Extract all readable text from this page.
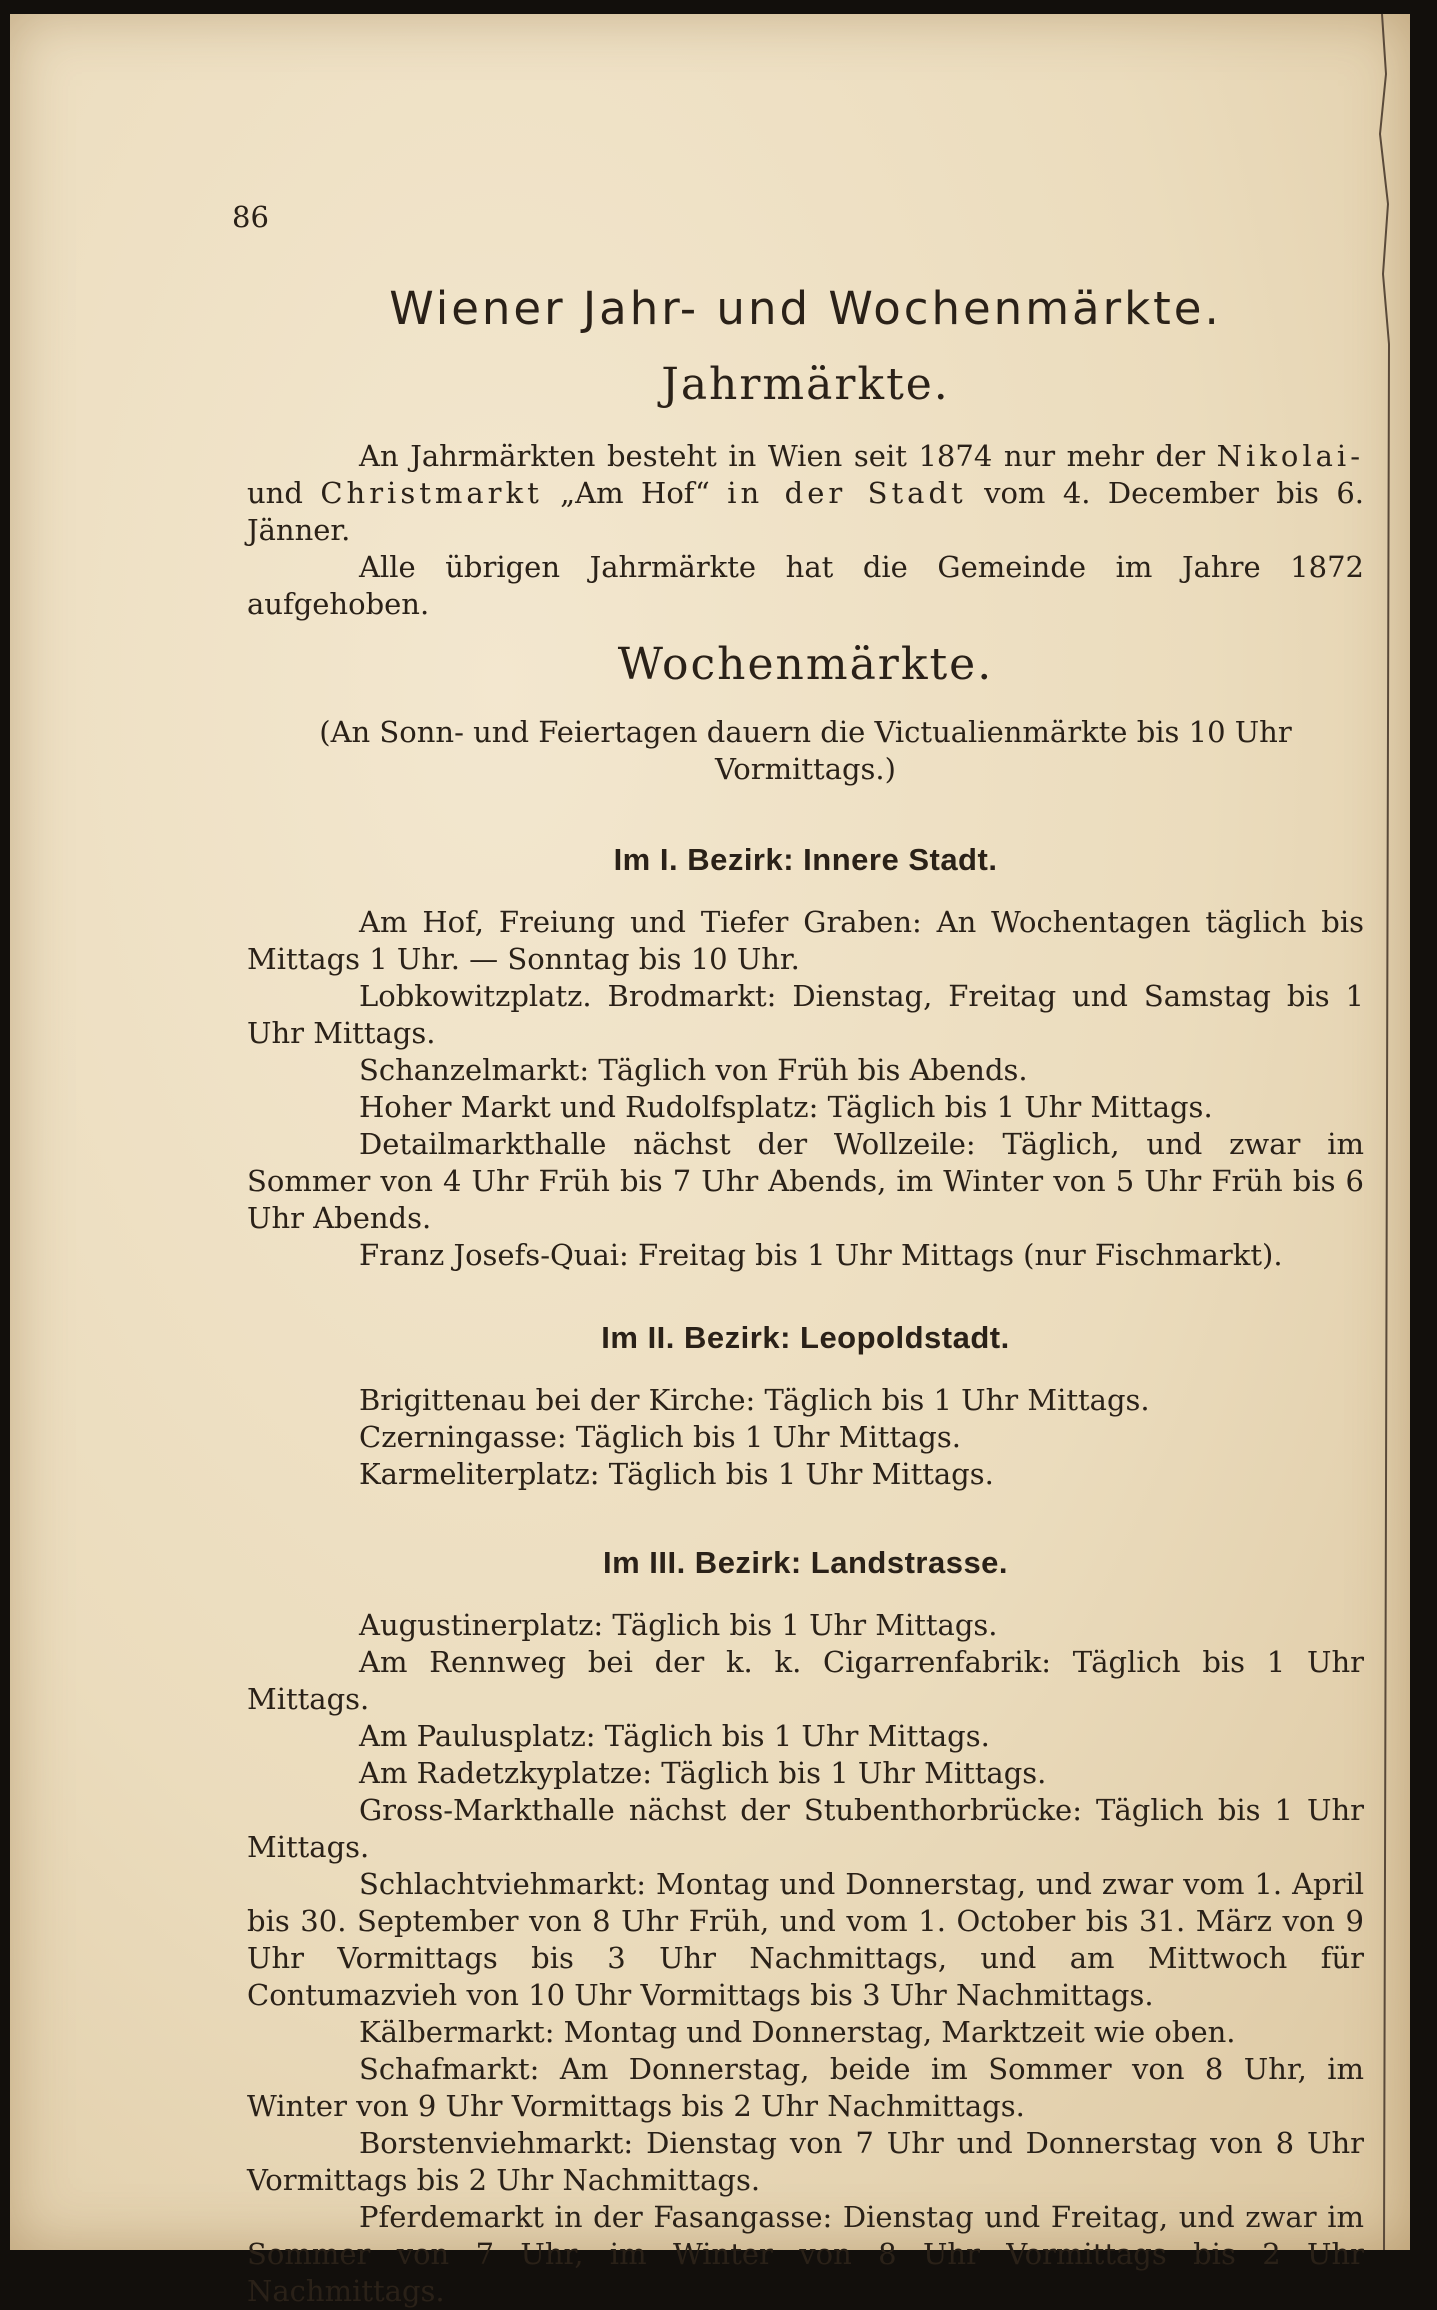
86
Wiener Jahr- und Wochenmärkte.
Jahrmärkte.

An Jahrmärkten besteht in Wien seit 1874 nur mehr der Nikolai- und Christmarkt „Am Hof“ in der Stadt vom 4. December bis 6. Jänner.

Alle übrigen Jahrmärkte hat die Gemeinde im Jahre 1872 aufgehoben.

Wochenmärkte.

(An Sonn- und Feiertagen dauern die Victualienmärkte bis 10 Uhr Vormittags.)

Im I. Bezirk: Innere Stadt.

Am Hof, Freiung und Tiefer Graben: An Wochentagen täglich bis Mittags 1 Uhr. — Sonntag bis 10 Uhr.

Lobkowitzplatz. Brodmarkt: Dienstag, Freitag und Samstag bis 1 Uhr Mittags.

Schanzelmarkt: Täglich von Früh bis Abends.

Hoher Markt und Rudolfsplatz: Täglich bis 1 Uhr Mittags.

Detailmarkthalle nächst der Wollzeile: Täglich, und zwar im Sommer von 4 Uhr Früh bis 7 Uhr Abends, im Winter von 5 Uhr Früh bis 6 Uhr Abends.

Franz Josefs-Quai: Freitag bis 1 Uhr Mittags (nur Fischmarkt).

Im II. Bezirk: Leopoldstadt.

Brigittenau bei der Kirche: Täglich bis 1 Uhr Mittags.

Czerningasse: Täglich bis 1 Uhr Mittags.

Karmeliterplatz: Täglich bis 1 Uhr Mittags.

Im III. Bezirk: Landstrasse.

Augustinerplatz: Täglich bis 1 Uhr Mittags.

Am Rennweg bei der k. k. Cigarrenfabrik: Täglich bis 1 Uhr Mittags.

Am Paulusplatz: Täglich bis 1 Uhr Mittags.

Am Radetzkyplatze: Täglich bis 1 Uhr Mittags.

Gross-Markthalle nächst der Stubenthorbrücke: Täglich bis 1 Uhr Mittags.

Schlachtviehmarkt: Montag und Donnerstag, und zwar vom 1. April bis 30. September von 8 Uhr Früh, und vom 1. October bis 31. März von 9 Uhr Vormittags bis 3 Uhr Nachmittags, und am Mittwoch für Contumazvieh von 10 Uhr Vormittags bis 3 Uhr Nachmittags.

Kälbermarkt: Montag und Donnerstag, Marktzeit wie oben.

Schafmarkt: Am Donnerstag, beide im Sommer von 8 Uhr, im Winter von 9 Uhr Vormittags bis 2 Uhr Nachmittags.

Borstenviehmarkt: Dienstag von 7 Uhr und Donnerstag von 8 Uhr Vormittags bis 2 Uhr Nachmittags.

Pferdemarkt in der Fasangasse: Dienstag und Freitag, und zwar im Sommer von 7 Uhr, im Winter von 8 Uhr Vormittags bis 2 Uhr Nachmittags.
